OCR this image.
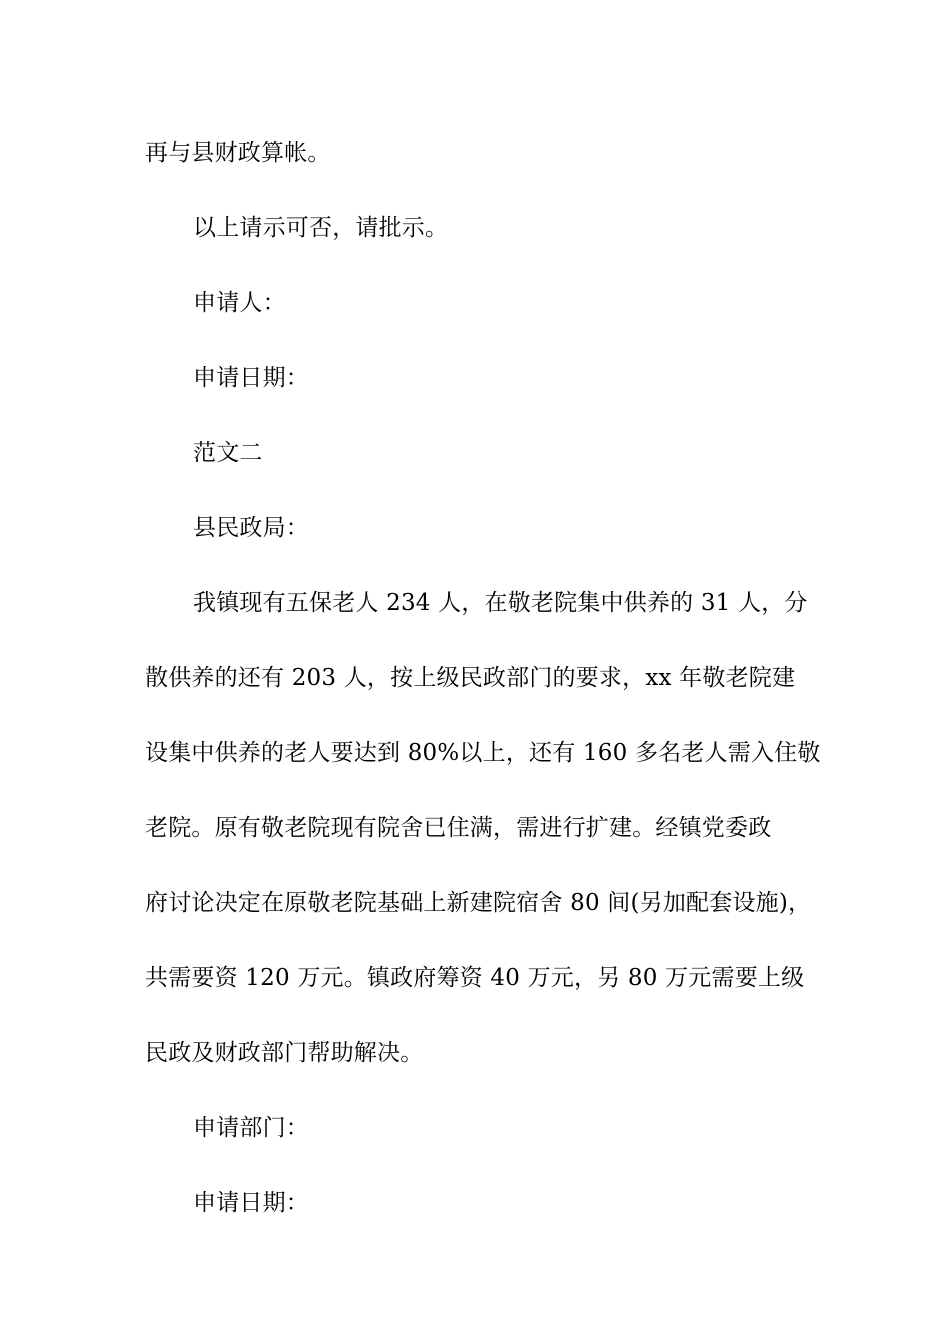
再与县财政算帐。
以上请示可否，请批示。
申请人：
申请日期：
范文二
县民政局：
我镇现有五保老人 234 人，在敬老院集中供养的 31 人，分
散供养的还有 203 人，按上级民政部门的要求，xx 年敬老院建
设集中供养的老人要达到 80%以上，还有 160 多名老人需入住敬
老院。原有敬老院现有院舍已住满，需进行扩建。经镇党委政
府讨论决定在原敬老院基础上新建院宿舍 80 间(另加配套设施)，
共需要资 120 万元。镇政府筹资 40 万元，另 80 万元需要上级
民政及财政部门帮助解决。
申请部门：
申请日期：
